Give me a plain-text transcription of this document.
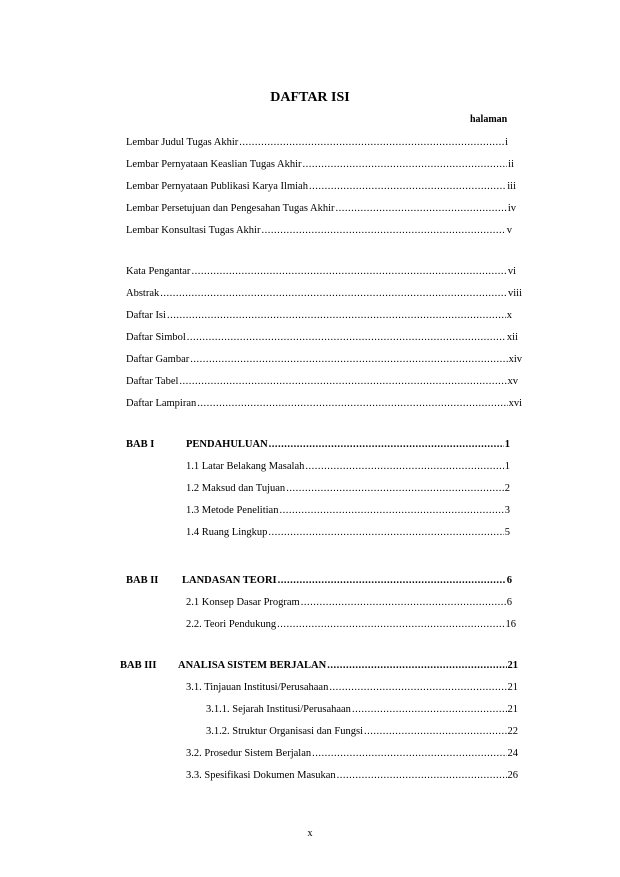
DAFTAR ISI
halaman
Lembar Judul Tugas Akhir .....	i
Lembar Pernyataan Keaslian Tugas Akhir .....	ii
Lembar Pernyataan Publikasi Karya Ilmiah .....	iii
Lembar Persetujuan dan Pengesahan Tugas Akhir .....	iv
Lembar Konsultasi Tugas Akhir .....	v
Kata Pengantar .....	vi
Abstrak .....	viii
Daftar Isi .....	x
Daftar Simbol .....	xii
Daftar Gambar .....	xiv
Daftar Tabel .....	xv
Daftar Lampiran .....	xvi
BAB I	PENDAHULUAN .....	1
1.1 Latar Belakang Masalah .....	1
1.2 Maksud dan Tujuan .....	2
1.3 Metode Penelitian .....	3
1.4 Ruang Lingkup .....	5
BAB II	LANDASAN TEORI .....	6
2.1 Konsep Dasar Program .....	6
2.2. Teori Pendukung .....	16
BAB III	ANALISA SISTEM BERJALAN .....	21
3.1. Tinjauan Institusi/Perusahaan .....	21
3.1.1. Sejarah Institusi/Perusahaan .....	21
3.1.2. Struktur Organisasi dan Fungsi .....	22
3.2. Prosedur Sistem Berjalan .....	24
3.3. Spesifikasi Dokumen Masukan .....	26
x
